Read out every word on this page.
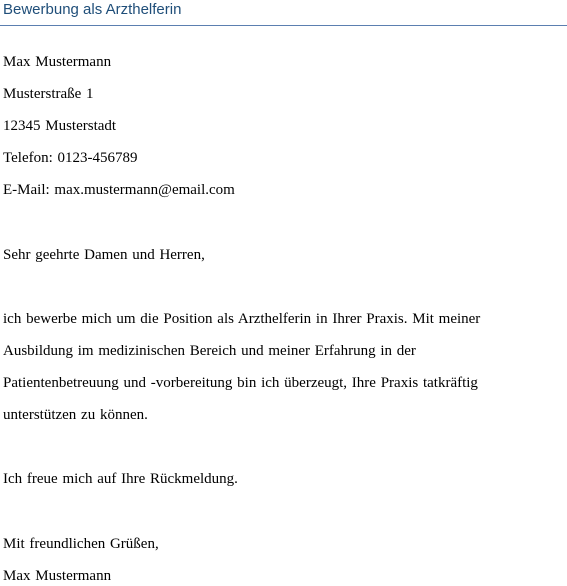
Bewerbung als Arzthelferin

Max Mustermann

Musterstraße 1

12345 Musterstadt

Telefon: 0123-456789

E-Mail: max.mustermann@email.com

Sehr geehrte Damen und Herren,

ich bewerbe mich um die Position als Arzthelferin in Ihrer Praxis. Mit meiner

Ausbildung im medizinischen Bereich und meiner Erfahrung in der

Patientenbetreuung und -vorbereitung bin ich überzeugt, Ihre Praxis tatkräftig

unterstützen zu können.

Ich freue mich auf Ihre Rückmeldung.

Mit freundlichen Grüßen,

Max Mustermann
